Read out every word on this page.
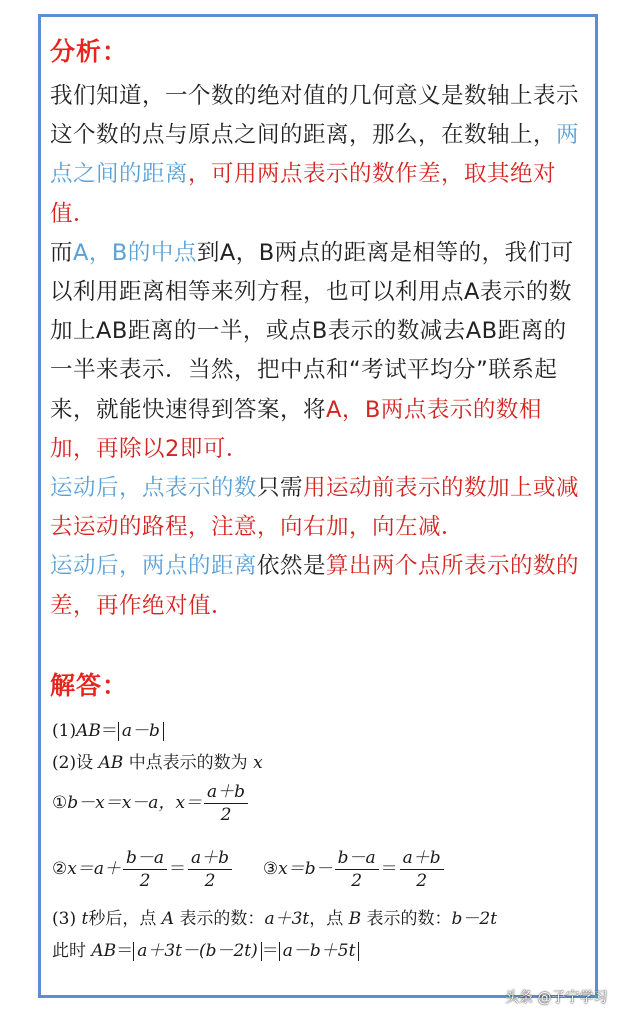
分析：

我们知道，一个数的绝对值的几何意义是数轴上表示这个数的点与原点之间的距离，那么，在数轴上，两点之间的距离，可用两点表示的数作差，取其绝对值．

而A，B的中点到A，B两点的距离是相等的，我们可以利用距离相等来列方程，也可以利用点A表示的数加上AB距离的一半，或点B表示的数减去AB距离的一半来表示．当然，把中点和“考试平均分”联系起来，就能快速得到答案，将A，B两点表示的数相加，再除以2即可．

运动后，点表示的数只需用运动前表示的数加上或减去运动的路程，注意，向右加，向左减．

运动后，两点的距离依然是算出两个点所表示的数的差，再作绝对值．

解答：
(1)AB＝ a－b
(2)设 AB 中点表示的数为 x
①b－x＝x－a，$x= \frac{a+b}{2}$
②x＝a＋ $\frac{b-a}{2} = \frac{a+b}{2}$ ③x＝b－ $\frac{b-a}{2} = \frac{a+b}{2}$
(3) t秒后，点 A 表示的数：a＋3t，点 B 表示的数：b－2t
此时 AB＝ a＋3t－(b－2t) ＝ a－b＋5t
头条 @子宁学习
